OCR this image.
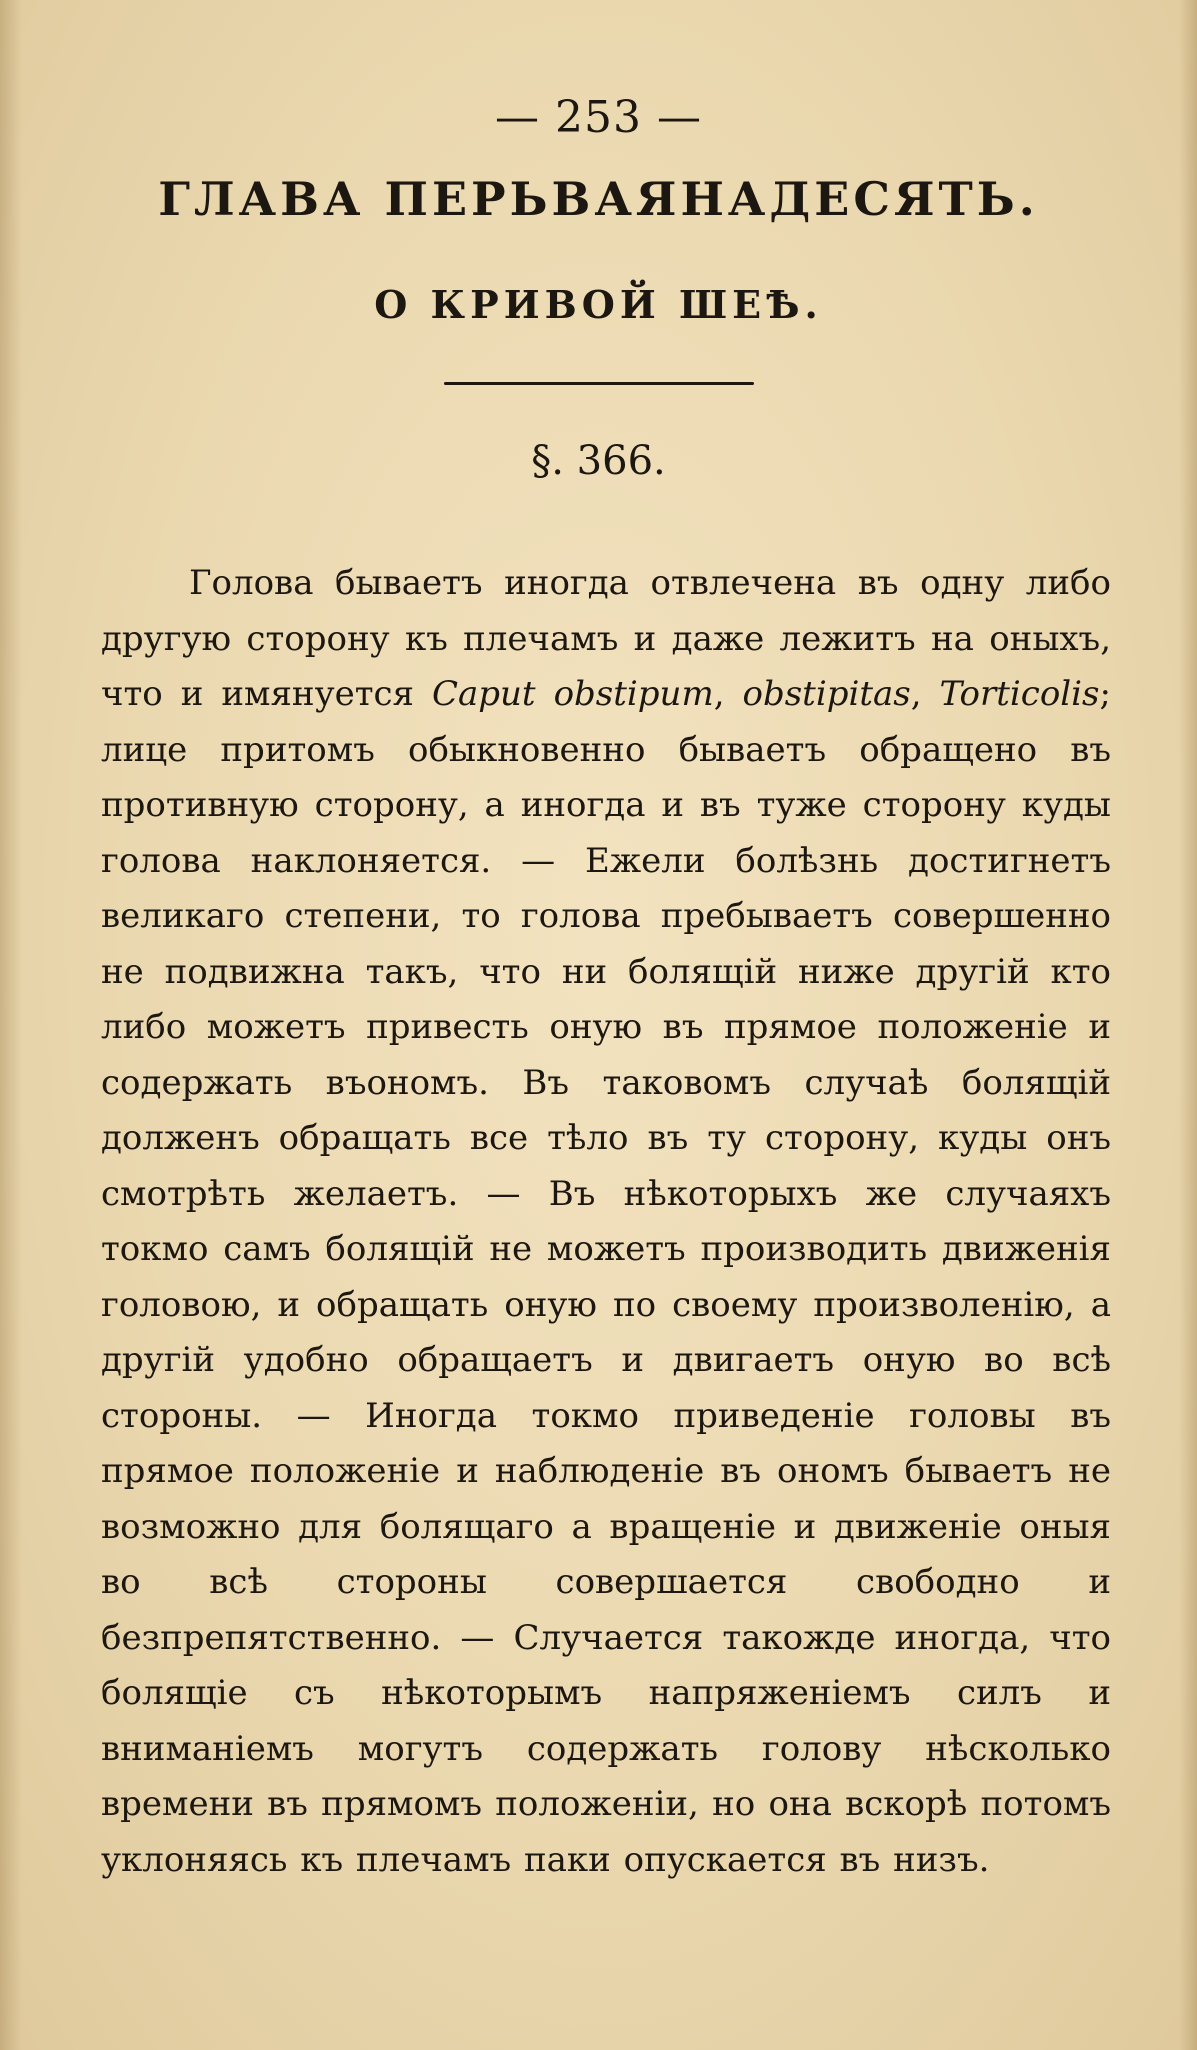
— 253 —
ГЛАВА ПЕРЬВАЯНАДЕСЯТЬ.
О КРИВОЙ ШЕѢ.
§. 366.

Голова бываетъ иногда отвлечена въ одну либо другую сторону къ плечамъ и даже лежитъ на оныхъ, что и имянуется Caput obstipum, obstipitas, Torticolis; лице притомъ обыкновенно бываетъ обращено въ противную сторону, а иногда и въ туже сторону куды голова наклоняется. — Ежели болѣзнь достигнетъ великаго степени, то голова пребываетъ совершенно не подвижна такъ, что ни болящій ниже другій кто либо можетъ привесть оную въ прямое положеніе и содержать въономъ. Въ таковомъ случаѣ болящій долженъ обращать все тѣло въ ту сторону, куды онъ смотрѣть желаетъ. — Въ нѣкоторыхъ же случаяхъ токмо самъ болящій не можетъ производить движенія головою, и обращать оную по своему произволенію, а другій удобно обращаетъ и двигаетъ оную во всѣ стороны. — Иногда токмо приведеніе головы въ прямое положеніе и наблюденіе въ ономъ бываетъ не возможно для болящаго а вращеніе и движеніе оныя во всѣ стороны совершается свободно и безпрепятственно. — Случается такожде иногда, что болящіе съ нѣкоторымъ напряженіемъ силъ и вниманіемъ могутъ содержать голову нѣсколько времени въ прямомъ положеніи, но она вскорѣ потомъ уклоняясь къ плечамъ паки опускается въ низъ.
